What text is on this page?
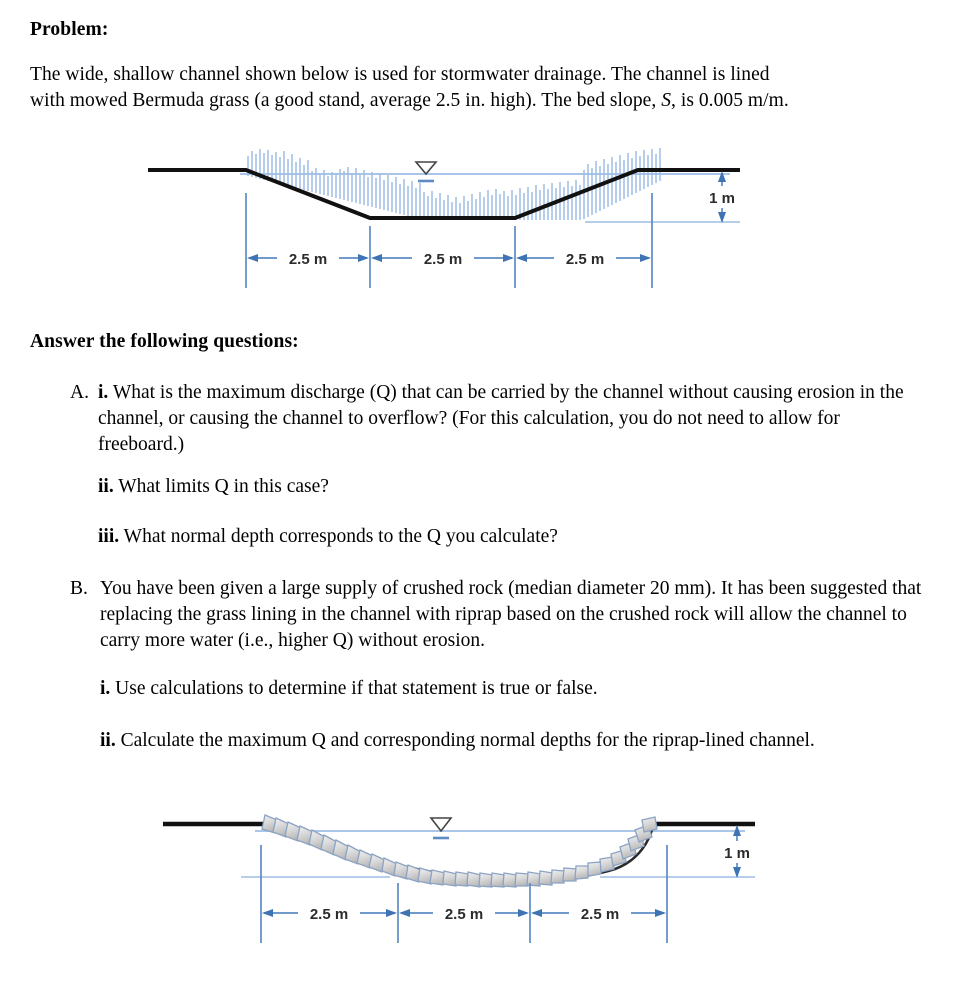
Problem:
The wide, shallow channel shown below is used for stormwater drainage. The channel is lined
with mowed Bermuda grass (a good stand, average 2.5 in. high). The bed slope, S, is 0.005 m/m.
2.5 m	2.5 m	2.5 m
1 m
Answer the following questions:
A. i. What is the maximum discharge (Q) that can be carried by the channel without causing erosion in the channel, or causing the channel to overflow? (For this calculation, you do not need to allow for freeboard.)
ii. What limits Q in this case?
iii. What normal depth corresponds to the Q you calculate?
B. You have been given a large supply of crushed rock (median diameter 20 mm). It has been suggested that replacing the grass lining in the channel with riprap based on the crushed rock will allow the channel to carry more water (i.e., higher Q) without erosion.
i. Use calculations to determine if that statement is true or false.
ii. Calculate the maximum Q and corresponding normal depths for the riprap-lined channel.
2.5 m	2.5 m	2.5 m
1 m
